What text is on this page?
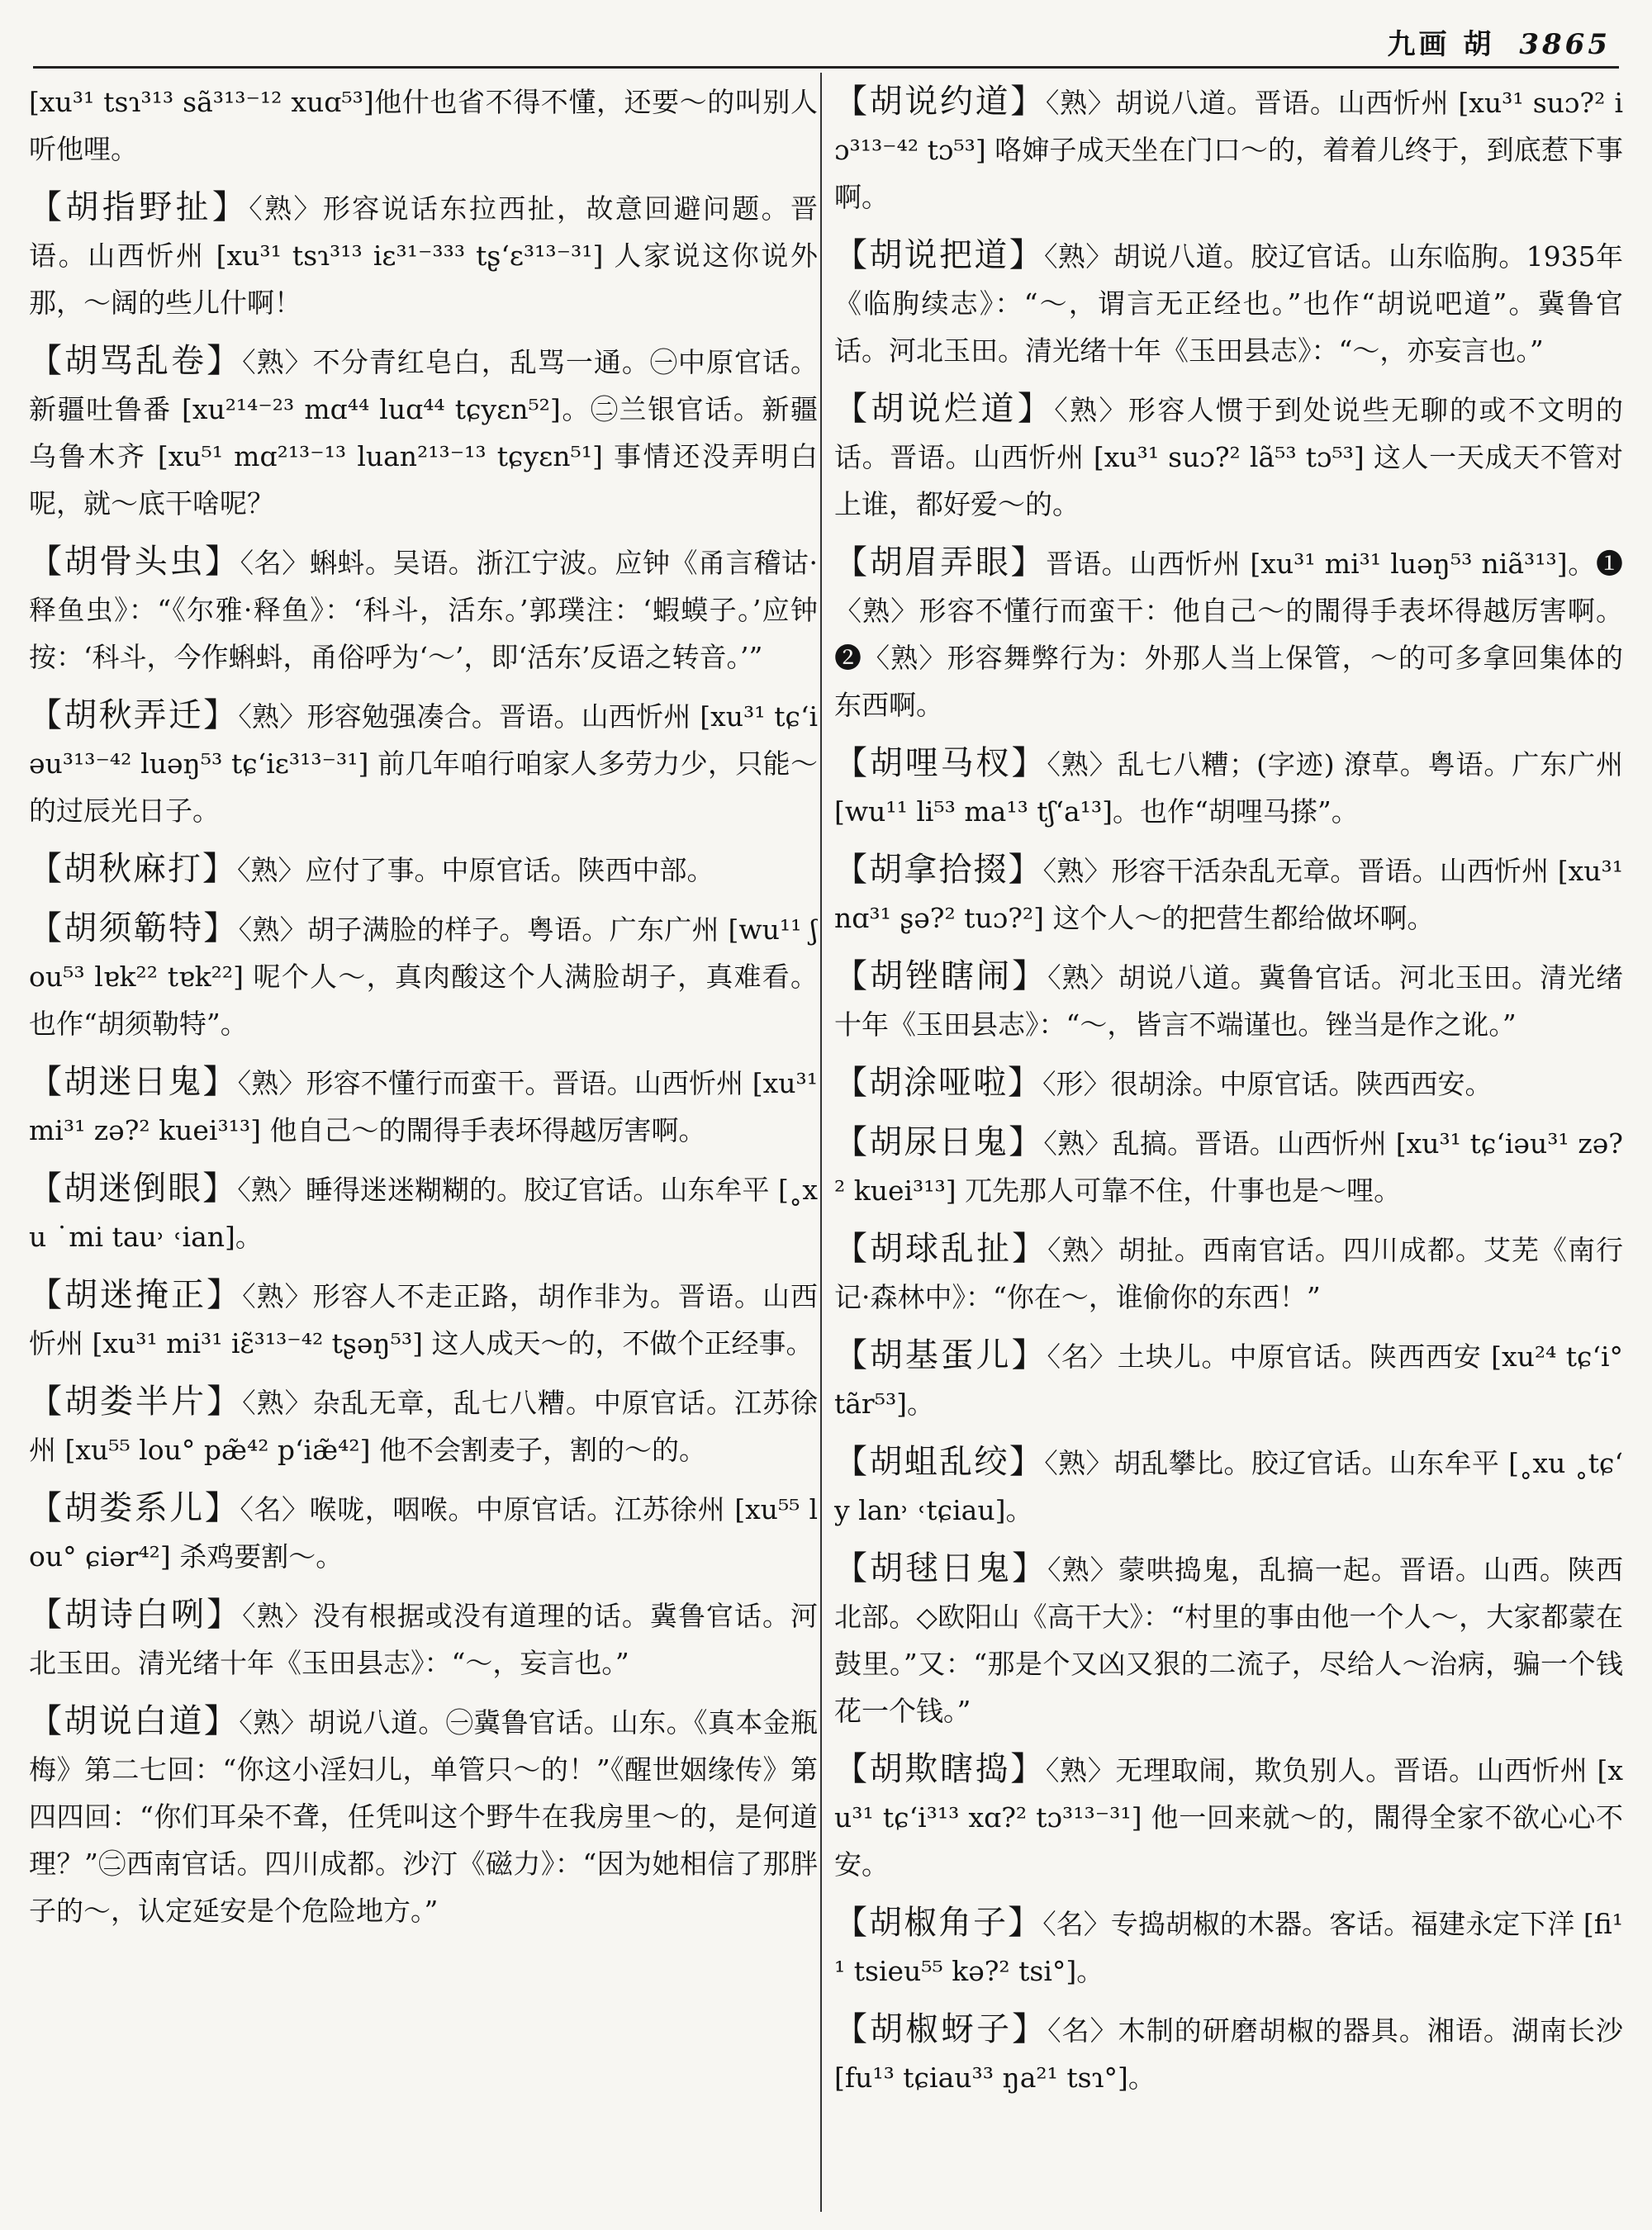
九画 胡 3865

[xu³¹ tsɿ³¹³ sã³¹³⁻¹² xuɑ⁵³]他什也省不得不懂，还要～的叫别人听他哩。

【胡指野扯】〈熟〉形容说话东拉西扯，故意回避问题。晋语。山西忻州 [xu³¹ tsɿ³¹³ iɛ³¹⁻³³³ tʂʻɛ³¹³⁻³¹] 人家说这你说外那，～阔的些儿什啊！

【胡骂乱卷】〈熟〉不分青红皂白，乱骂一通。㊀中原官话。新疆吐鲁番 [xu²¹⁴⁻²³ mɑ⁴⁴ luɑ⁴⁴ tɕyɛn⁵²]。㊁兰银官话。新疆乌鲁木齐 [xu⁵¹ mɑ²¹³⁻¹³ luan²¹³⁻¹³ tɕyɛn⁵¹] 事情还没弄明白呢，就～底干啥呢？

【胡骨头虫】〈名〉蝌蚪。吴语。浙江宁波。应钟《甬言稽诂·释鱼虫》：“《尔雅·释鱼》：‘科斗，活东。’郭璞注：‘蝦蟆子。’应钟按：‘科斗，今作蝌蚪，甬俗呼为‘～’，即‘活东’反语之转音。’”

【胡秋弄迁】〈熟〉形容勉强凑合。晋语。山西忻州 [xu³¹ tɕʻiəu³¹³⁻⁴² luəŋ⁵³ tɕʻiɛ³¹³⁻³¹] 前几年咱行咱家人多劳力少，只能～的过辰光日子。

【胡秋麻打】〈熟〉应付了事。中原官话。陕西中部。

【胡须簕特】〈熟〉胡子满脸的样子。粤语。广东广州 [wu¹¹ ʃou⁵³ lɐk²² tɐk²²] 呢个人～，真肉酸这个人满脸胡子，真难看。也作“胡须勒特”。

【胡迷日鬼】〈熟〉形容不懂行而蛮干。晋语。山西忻州 [xu³¹ mi³¹ zə?² kuei³¹³] 他自己～的閙得手表坏得越厉害啊。

【胡迷倒眼】〈熟〉睡得迷迷糊糊的。胶辽官话。山东牟平 [˳xu ˙mi tau˒ ˓ian]。

【胡迷掩正】〈熟〉形容人不走正路，胡作非为。晋语。山西忻州 [xu³¹ mi³¹ iɛ̃³¹³⁻⁴² tʂəŋ⁵³] 这人成天～的，不做个正经事。

【胡娄半片】〈熟〉杂乱无章，乱七八糟。中原官话。江苏徐州 [xu⁵⁵ lou° pæ̃⁴² pʻiæ̃⁴²] 他不会割麦子，割的～的。

【胡娄系儿】〈名〉喉咙，咽喉。中原官话。江苏徐州 [xu⁵⁵ lou° ɕiər⁴²] 杀鸡要割～。

【胡诗白咧】〈熟〉没有根据或没有道理的话。冀鲁官话。河北玉田。清光绪十年《玉田县志》：“～，妄言也。”

【胡说白道】〈熟〉胡说八道。㊀冀鲁官话。山东。《真本金瓶梅》第二七回：“你这小淫妇儿，单管只～的！”《醒世姻缘传》第四四回：“你们耳朵不聋，任凭叫这个野牛在我房里～的，是何道理？”㊁西南官话。四川成都。沙汀《磁力》：“因为她相信了那胖子的～，认定延安是个危险地方。”

【胡说约道】〈熟〉胡说八道。晋语。山西忻州 [xu³¹ suɔ?² iɔ³¹³⁻⁴² tɔ⁵³] 咯婶子成天坐在门口～的，着着儿终于，到底惹下事啊。

【胡说把道】〈熟〉胡说八道。胶辽官话。山东临朐。1935年《临朐续志》：“～，谓言无正经也。”也作“胡说吧道”。冀鲁官话。河北玉田。清光绪十年《玉田县志》：“～，亦妄言也。”

【胡说烂道】〈熟〉形容人惯于到处说些无聊的或不文明的话。晋语。山西忻州 [xu³¹ suɔ?² lã⁵³ tɔ⁵³] 这人一天成天不管对上谁，都好爱～的。

【胡眉弄眼】晋语。山西忻州 [xu³¹ mi³¹ luəŋ⁵³ niã³¹³]。❶〈熟〉形容不懂行而蛮干：他自己～的閙得手表坏得越厉害啊。❷〈熟〉形容舞弊行为：外那人当上保管，～的可多拿回集体的东西啊。

【胡哩马杈】〈熟〉乱七八糟；(字迹) 潦草。粤语。广东广州 [wu¹¹ li⁵³ ma¹³ tʃʻa¹³]。也作“胡哩马搽”。

【胡拿拾掇】〈熟〉形容干活杂乱无章。晋语。山西忻州 [xu³¹ nɑ³¹ ʂə?² tuɔ?²] 这个人～的把营生都给做坏啊。

【胡锉瞎闹】〈熟〉胡说八道。冀鲁官话。河北玉田。清光绪十年《玉田县志》：“～，皆言不端谨也。锉当是作之讹。”

【胡涂哑啦】〈形〉很胡涂。中原官话。陕西西安。

【胡尿日鬼】〈熟〉乱搞。晋语。山西忻州 [xu³¹ tɕʻiəu³¹ zə?² kuei³¹³] 兀先那人可靠不住，什事也是～哩。

【胡球乱扯】〈熟〉胡扯。西南官话。四川成都。艾芜《南行记·森林中》：“你在～，谁偷你的东西！”

【胡基蛋儿】〈名〉土块儿。中原官话。陕西西安 [xu²⁴ tɕʻi° tãr⁵³]。

【胡蛆乱绞】〈熟〉胡乱攀比。胶辽官话。山东牟平 [˳xu ˳tɕʻy lan˒ ˓tɕiau]。

【胡毬日鬼】〈熟〉蒙哄捣鬼，乱搞一起。晋语。山西。陕西北部。◇欧阳山《高干大》：“村里的事由他一个人～，大家都蒙在鼓里。”又：“那是个又凶又狠的二流子，尽给人～治病，骗一个钱花一个钱。”

【胡欺瞎捣】〈熟〉无理取闹，欺负别人。晋语。山西忻州 [xu³¹ tɕʻi³¹³ xɑ?² tɔ³¹³⁻³¹] 他一回来就～的，閙得全家不欲心心不安。

【胡椒角子】〈名〉专捣胡椒的木器。客话。福建永定下洋 [fi¹¹ tsieu⁵⁵ kə?² tsi°]。

【胡椒蚜子】〈名〉木制的研磨胡椒的器具。湘语。湖南长沙 [fu¹³ tɕiau³³ ŋa²¹ tsɿ°]。
